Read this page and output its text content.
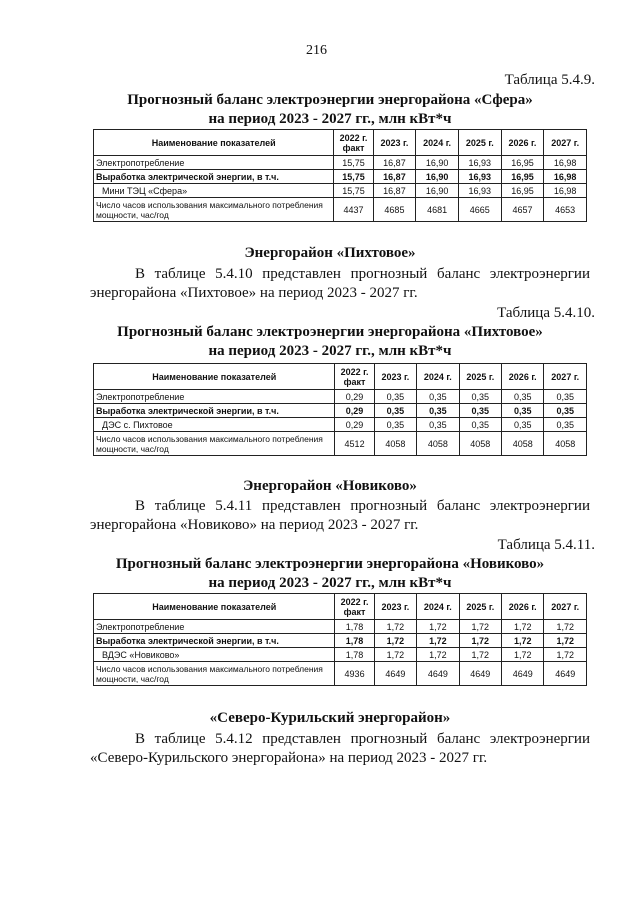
216
Таблица 5.4.9.
Прогнозный баланс электроэнергии энергорайона «Сфера»
на период 2023 - 2027 гг., млн кВт*ч
Наименование показателей	2022 г. факт	2023 г.	2024 г.	2025 г.	2026 г.	2027 г.
Электропотребление	15,75	16,87	16,90	16,93	16,95	16,98
Выработка электрической энергии, в т.ч.	15,75	16,87	16,90	16,93	16,95	16,98
Мини ТЭЦ «Сфера»	15,75	16,87	16,90	16,93	16,95	16,98
Число часов использования максимального потребления мощности, час/год	4437	4685	4681	4665	4657	4653
Энергорайон «Пихтовое»
В таблице 5.4.10 представлен прогнозный баланс электроэнергии энергорайона «Пихтовое» на период 2023 - 2027 гг.
Таблица 5.4.10.
Прогнозный баланс электроэнергии энергорайона «Пихтовое»
на период 2023 - 2027 гг., млн кВт*ч
Наименование показателей	2022 г. факт	2023 г.	2024 г.	2025 г.	2026 г.	2027 г.
Электропотребление	0,29	0,35	0,35	0,35	0,35	0,35
Выработка электрической энергии, в т.ч.	0,29	0,35	0,35	0,35	0,35	0,35
ДЭС с. Пихтовое	0,29	0,35	0,35	0,35	0,35	0,35
Число часов использования максимального потребления мощности, час/год	4512	4058	4058	4058	4058	4058
Энергорайон «Новиково»
В таблице 5.4.11 представлен прогнозный баланс электроэнергии энергорайона «Новиково» на период 2023 - 2027 гг.
Таблица 5.4.11.
Прогнозный баланс электроэнергии энергорайона «Новиково»
на период 2023 - 2027 гг., млн кВт*ч
Наименование показателей	2022 г. факт	2023 г.	2024 г.	2025 г.	2026 г.	2027 г.
Электропотребление	1,78	1,72	1,72	1,72	1,72	1,72
Выработка электрической энергии, в т.ч.	1,78	1,72	1,72	1,72	1,72	1,72
ВДЭС «Новиково»	1,78	1,72	1,72	1,72	1,72	1,72
Число часов использования максимального потребления мощности, час/год	4936	4649	4649	4649	4649	4649
«Северо-Курильский энергорайон»
В таблице 5.4.12 представлен прогнозный баланс электроэнергии «Северо-Курильского энергорайона» на период 2023 - 2027 гг.
